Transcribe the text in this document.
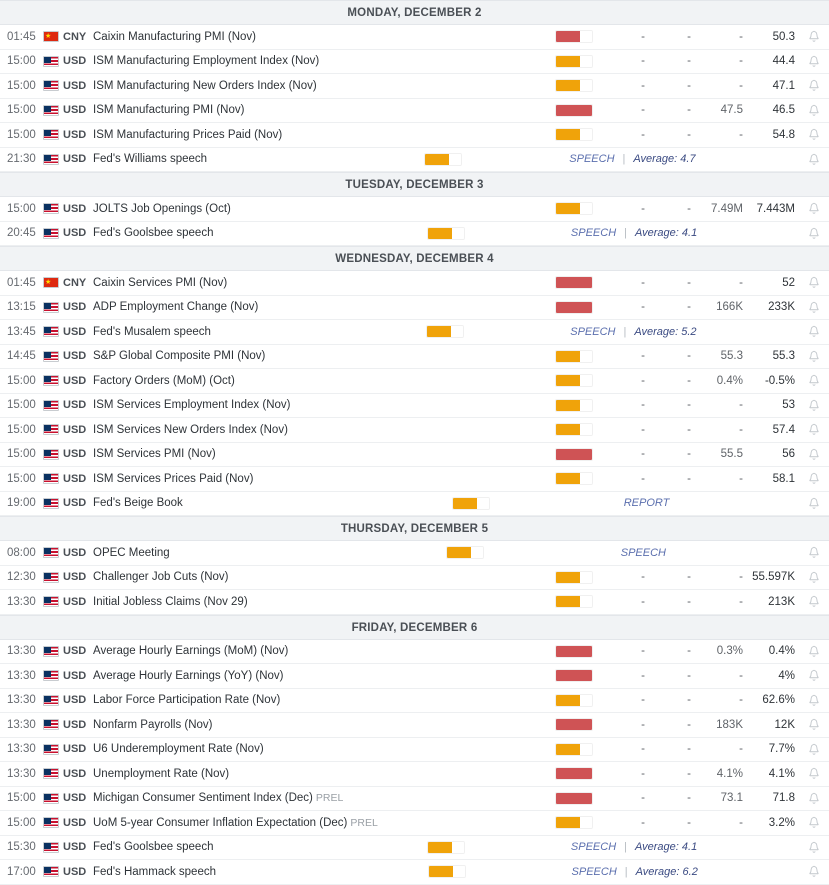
MONDAY, DECEMBER 2
01:45 ★	CNY Caixin Manufacturing PMI (Nov)	-	-	-	50.3
15:00	USD ISM Manufacturing Employment Index (Nov)	-	-	-	44.4
15:00	USD ISM Manufacturing New Orders Index (Nov)	-	-	-	47.1
15:00	USD ISM Manufacturing PMI (Nov)	-	-	47.5	46.5
15:00	USD ISM Manufacturing Prices Paid (Nov)	-	-	-	54.8
21:30	USD Fed's Williams speech	SPEECH | Average: 4.7
TUESDAY, DECEMBER 3
15:00	USD JOLTS Job Openings (Oct)	-	-	7.49M	7.443M
20:45	USD Fed's Goolsbee speech	SPEECH | Average: 4.1
WEDNESDAY, DECEMBER 4
01:45 ★	CNY Caixin Services PMI (Nov)	-	-	-	52
13:15	USD ADP Employment Change (Nov)	-	-	166K	233K
13:45	USD Fed's Musalem speech	SPEECH | Average: 5.2
14:45	USD S&P Global Composite PMI (Nov)	-	-	55.3	55.3
15:00	USD Factory Orders (MoM) (Oct)	-	-	0.4%	-0.5%
15:00	USD ISM Services Employment Index (Nov)	-	-	-	53
15:00	USD ISM Services New Orders Index (Nov)	-	-	-	57.4
15:00	USD ISM Services PMI (Nov)	-	-	55.5	56
15:00	USD ISM Services Prices Paid (Nov)	-	-	-	58.1
19:00	USD Fed's Beige Book	REPORT
THURSDAY, DECEMBER 5
08:00	USD OPEC Meeting	SPEECH
12:30	USD Challenger Job Cuts (Nov)	-	-	- 55.597K
13:30	USD Initial Jobless Claims (Nov 29)	-	-	-	213K
FRIDAY, DECEMBER 6
13:30	USD Average Hourly Earnings (MoM) (Nov)	-	-	0.3%	0.4%
13:30	USD Average Hourly Earnings (YoY) (Nov)	-	-	-	4%
13:30	USD Labor Force Participation Rate (Nov)	-	-	-	62.6%
13:30	USD Nonfarm Payrolls (Nov)	-	-	183K	12K
13:30	USD U6 Underemployment Rate (Nov)	-	-	-	7.7%
13:30	USD Unemployment Rate (Nov)	-	-	4.1%	4.1%
15:00	USD Michigan Consumer Sentiment Index (Dec) PREL	-	-	73.1	71.8
15:00	USD UoM 5-year Consumer Inflation Expectation (Dec) PREL	-	-	-	3.2%
15:30	USD Fed's Goolsbee speech	SPEECH | Average: 4.1
17:00	USD Fed's Hammack speech	SPEECH | Average: 6.2
